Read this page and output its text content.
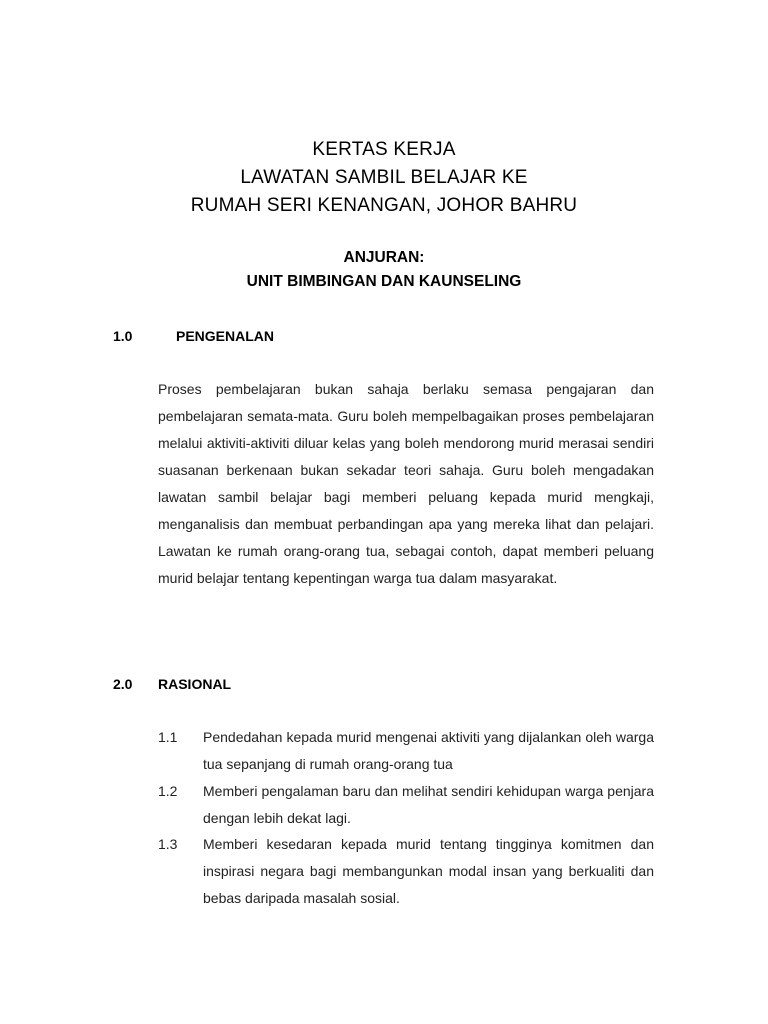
KERTAS KERJA
LAWATAN SAMBIL BELAJAR KE
RUMAH SERI KENANGAN, JOHOR BAHRU
ANJURAN:
UNIT BIMBINGAN DAN KAUNSELING
1.0	PENGENALAN

Proses pembelajaran bukan sahaja berlaku semasa pengajaran dan pembelajaran semata-mata. Guru boleh mempelbagaikan proses pembelajaran melalui aktiviti-aktiviti diluar kelas yang boleh mendorong murid merasai sendiri suasanan berkenaan bukan sekadar teori sahaja. Guru boleh mengadakan lawatan sambil belajar bagi memberi peluang kepada murid mengkaji, menganalisis dan membuat perbandingan apa yang mereka lihat dan pelajari. Lawatan ke rumah orang-orang tua, sebagai contoh, dapat memberi peluang murid belajar tentang kepentingan warga tua dalam masyarakat.

2.0 RASIONAL
1.1 Pendedahan kepada murid mengenai aktiviti yang dijalankan oleh warga tua sepanjang di rumah orang-orang tua

1.2 Memberi pengalaman baru dan melihat sendiri kehidupan warga penjara dengan lebih dekat lagi.

1.3 Memberi kesedaran kepada murid tentang tingginya komitmen dan inspirasi negara bagi membangunkan modal insan yang berkualiti dan bebas daripada masalah sosial.
